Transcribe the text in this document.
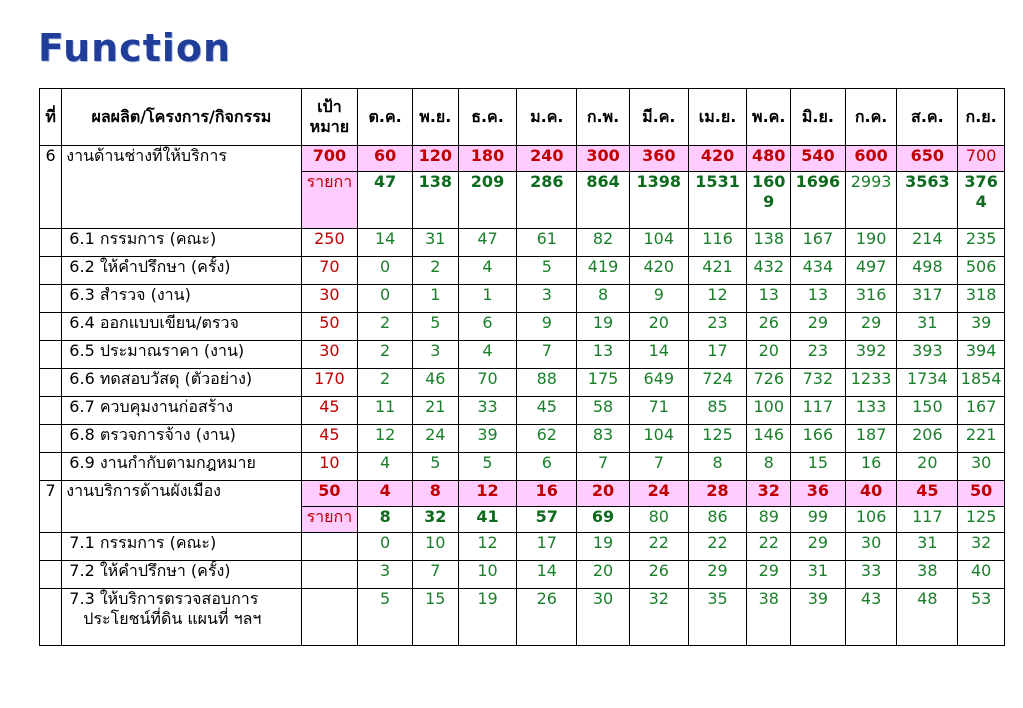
Function
ที่	ผลผลิต/โครงการ/กิจกรรม	เป้าหมาย	ต.ค.	พ.ย.	ธ.ค.	ม.ค.	ก.พ.	มี.ค.	เม.ย.	พ.ค.	มิ.ย.	ก.ค.	ส.ค.	ก.ย.
6	งานด้านช่างที่ให้บริการ	700	60	120	180	240	300	360	420	480	540	600	650	700
		รายกา	47	138	209	286	864	1398	1531	1609	1696	2993	3563	3764

	6.1 กรรมการ (คณะ)	250	14	31	47	61	82	104	116	138	167	190	214	235

	6.2 ให้คำปรึกษา (ครั้ง)	70	0	2	4	5	419	420	421	432	434	497	498	506

	6.3 สำรวจ (งาน)	30	0	1	1	3	8	9	12	13	13	316	317	318

	6.4 ออกแบบเขียน/ตรวจ	50	2	5	6	9	19	20	23	26	29	29	31	39

	6.5 ประมาณราคา (งาน)	30	2	3	4	7	13	14	17	20	23	392	393	394

	6.6 ทดสอบวัสดุ (ตัวอย่าง)	170	2	46	70	88	175	649	724	726	732	1233	1734	1854

	6.7 ควบคุมงานก่อสร้าง	45	11	21	33	45	58	71	85	100	117	133	150	167

	6.8 ตรวจการจ้าง (งาน)	45	12	24	39	62	83	104	125	146	166	187	206	221

	6.9 งานกำกับตามกฎหมาย	10	4	5	5	6	7	7	8	8	15	16	20	30
7	งานบริการด้านผังเมือง	50	4	8	12	16	20	24	28	32	36	40	45	50
		รายกา	8	32	41	57	69	80	86	89	99	106	117	125

	7.1 กรรมการ (คณะ)		0	10	12	17	19	22	22	22	29	30	31	32

	7.2 ให้คำปรึกษา (ครั้ง)		3	7	10	14	20	26	29	29	31	33	38	40

	7.3 ให้บริการตรวจสอบการ
ประโยชน์ที่ดิน แผนที่ ฯลฯ		5	15	19	26	30	32	35	38	39	43	48	53
